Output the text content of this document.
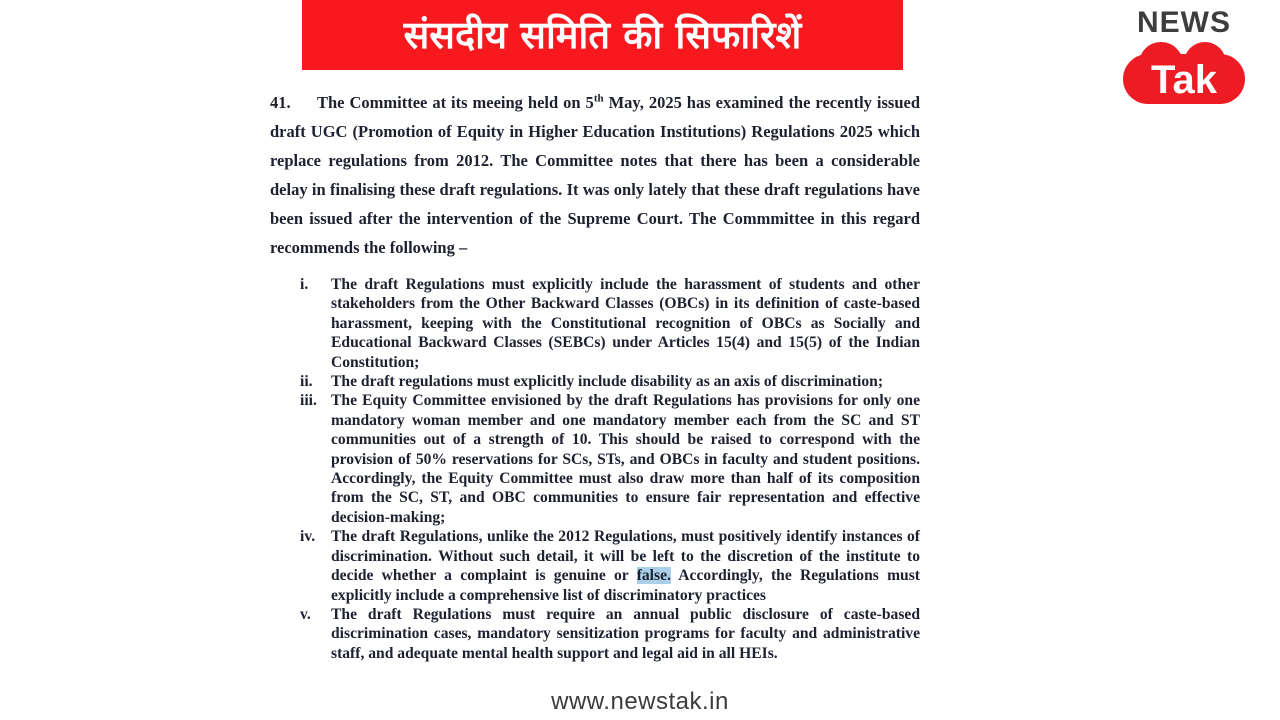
संसदीय समिति की सिफारिशें	NEWS
Tak

41. The Committee at its meeing held on 5th May, 2025 has examined the recently issued draft UGC (Promotion of Equity in Higher Education Institutions) Regulations 2025 which replace regulations from 2012. The Committee notes that there has been a considerable delay in finalising these draft regulations. It was only lately that these draft regulations have been issued after the intervention of the Supreme Court. The Commmittee in this regard recommends the following –

i. The draft Regulations must explicitly include the harassment of students and other stakeholders from the Other Backward Classes (OBCs) in its definition of caste-based harassment, keeping with the Constitutional recognition of OBCs as Socially and Educational Backward Classes (SEBCs) under Articles 15(4) and 15(5) of the Indian Constitution;
ii. The draft regulations must explicitly include disability as an axis of discrimination;
iii. The Equity Committee envisioned by the draft Regulations has provisions for only one mandatory woman member and one mandatory member each from the SC and ST communities out of a strength of 10. This should be raised to correspond with the provision of 50% reservations for SCs, STs, and OBCs in faculty and student positions. Accordingly, the Equity Committee must also draw more than half of its composition from the SC, ST, and OBC communities to ensure fair representation and effective decision-making;
iv. The draft Regulations, unlike the 2012 Regulations, must positively identify instances of discrimination. Without such detail, it will be left to the discretion of the institute to decide whether a complaint is genuine or false. Accordingly, the Regulations must explicitly include a comprehensive list of discriminatory practices
v. The draft Regulations must require an annual public disclosure of caste-based discrimination cases, mandatory sensitization programs for faculty and administrative staff, and adequate mental health support and legal aid in all HEIs.
www.newstak.in
